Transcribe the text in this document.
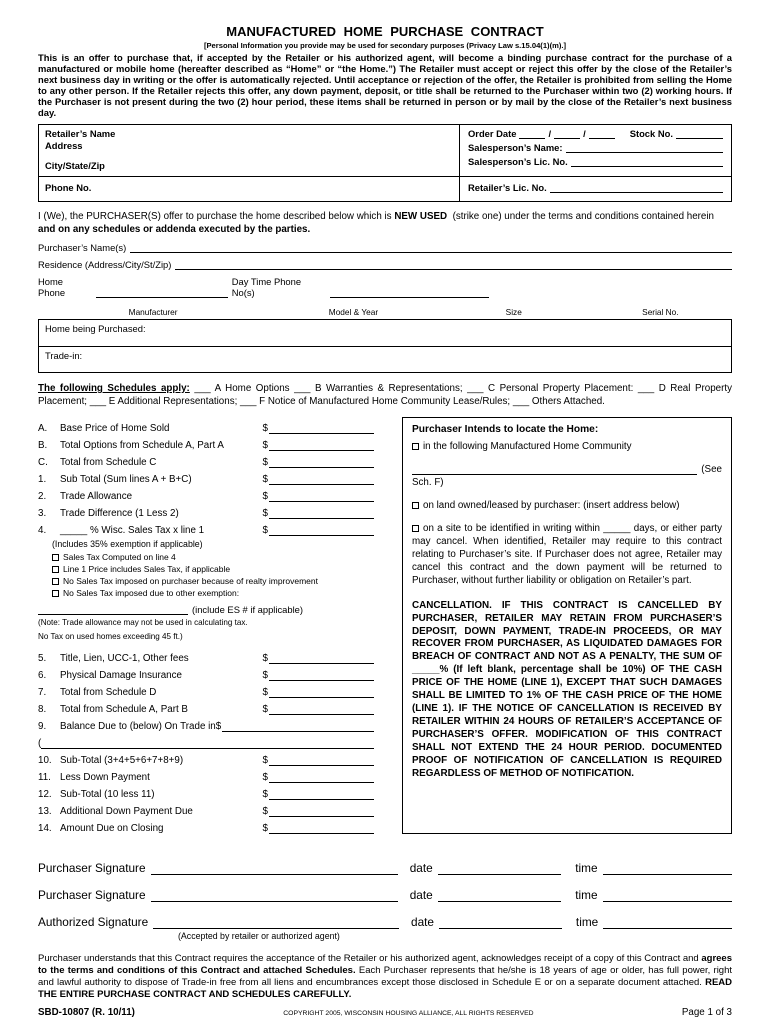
MANUFACTURED HOME PURCHASE CONTRACT
[Personal Information you provide may be used for secondary purposes (Privacy Law s.15.04(1)(m).]

This is an offer to purchase that, if accepted by the Retailer or his authorized agent, will become a binding purchase contract for the purchase of a manufactured or mobile home (hereafter described as “Home” or “the Home.”) The Retailer must accept or reject this offer by the close of the Retailer’s next business day in writing or the offer is automatically rejected. Until acceptance or rejection of the offer, the Retailer is prohibited from selling the Home to any other person. If the Retailer rejects this offer, any down payment, deposit, or title shall be returned to the Purchaser within two (2) working hours. If the Purchaser is not present during the two (2) hour period, these items shall be returned in person or by mail by the close of the Retailer’s next business day.

Retailer’s Name
Address
City/State/Zip
Order Date	/	/	Stock No.
Salesperson’s Name:
Salesperson’s Lic. No.
Phone No.	Retailer’s Lic. No.

I (We), the PURCHASER(S) offer to purchase the home described below which is NEW USED (strike one) under the terms and conditions contained herein and on any schedules or addenda executed by the parties.

Purchaser’s Name(s)
Residence (Address/City/St/Zip)
Home Phone
Day Time Phone No(s)
Manufacturer	Model & Year	Size	Serial No.
Home being Purchased:
Trade-in:

The following Schedules apply: ___ A Home Options ___ B Warranties & Representations; ___ C Personal Property Placement: ___ D Real Property Placement; ___ E Additional Representations; ___ F Notice of Manufactured Home Community Lease/Rules; ___ Others Attached.

A.	Base Price of Home Sold	$
B.	Total Options from Schedule A, Part A	$
C.	Total from Schedule C	$
1.	Sub Total (Sum lines A + B+C)	$
2.	Trade Allowance	$
3.	Trade Difference (1 Less 2)	$
4.	_____ % Wisc. Sales Tax x line 1	$
(Includes 35% exemption if applicable)
Sales Tax Computed on line 4
Line 1 Price includes Sales Tax, if applicable
No Sales Tax imposed on purchaser because of realty improvement
No Sales Tax imposed due to other exemption:
(include ES # if applicable)
(Note: Trade allowance may not be used in calculating tax.
No Tax on used homes exceeding 45 ft.)
5.	Title, Lien, UCC-1, Other fees	$
6.	Physical Damage Insurance	$
7.	Total from Schedule D	$
8.	Total from Schedule A, Part B	$
9.	Balance Due to (below) On Trade in $
(
10. Sub-Total (3+4+5+6+7+8+9)	$
11. Less Down Payment	$
12. Sub-Total (10 less 11)	$
13. Additional Down Payment Due	$
14. Amount Due on Closing	$
Purchaser Intends to locate the Home:
in the following Manufactured Home Community
(See
Sch. F)
on land owned/leased by purchaser: (insert address below)
on a site to be identified in writing within _____ days, or either party may cancel. When identified, Retailer may require to this contract relating to Purchaser’s site. If Purchaser does not agree, Retailer may cancel this contract and the down payment will be returned to Purchaser, without further liability or obligation on Retailer’s part.
CANCELLATION. IF THIS CONTRACT IS CANCELLED BY PURCHASER, RETAILER MAY RETAIN FROM PURCHASER’S DEPOSIT, DOWN PAYMENT, TRADE-IN PROCEEDS, OR MAY RECOVER FROM PURCHASER, AS LIQUIDATED DAMAGES FOR BREACH OF CONTRACT AND NOT AS A PENALTY, THE SUM OF _____% (If left blank, percentage shall be 10%) OF THE CASH PRICE OF THE HOME (LINE 1), EXCEPT THAT SUCH DAMAGES SHALL BE LIMITED TO 1% OF THE CASH PRICE OF THE HOME (LINE 1). IF THE NOTICE OF CANCELLATION IS RECEIVED BY RETAILER WITHIN 24 HOURS OF RETAILER’S ACCEPTANCE OF PURCHASER’S OFFER. MODIFICATION OF THIS CONTRACT SHALL NOT EXTEND THE 24 HOUR PERIOD. DOCUMENTED PROOF OF NOTIFICATION OF CANCELLATION IS REQUIRED REGARDLESS OF METHOD OF NOTIFICATION.
Purchaser Signature	date	time
Purchaser Signature	date	time
Authorized Signature	date	time
(Accepted by retailer or authorized agent)

Purchaser understands that this Contract requires the acceptance of the Retailer or his authorized agent, acknowledges receipt of a copy of this Contract and agrees to the terms and conditions of this Contract and attached Schedules. Each Purchaser represents that he/she is 18 years of age or older, has full power, right and lawful authority to dispose of Trade-in free from all liens and encumbrances except those disclosed in Schedule E or on a separate document attached. READ THE ENTIRE PURCHASE CONTRACT AND SCHEDULES CAREFULLY.

SBD-10807 (R. 10/11)	COPYRIGHT 2005, WISCONSIN HOUSING ALLIANCE, ALL RIGHTS RESERVED	Page 1 of 3
